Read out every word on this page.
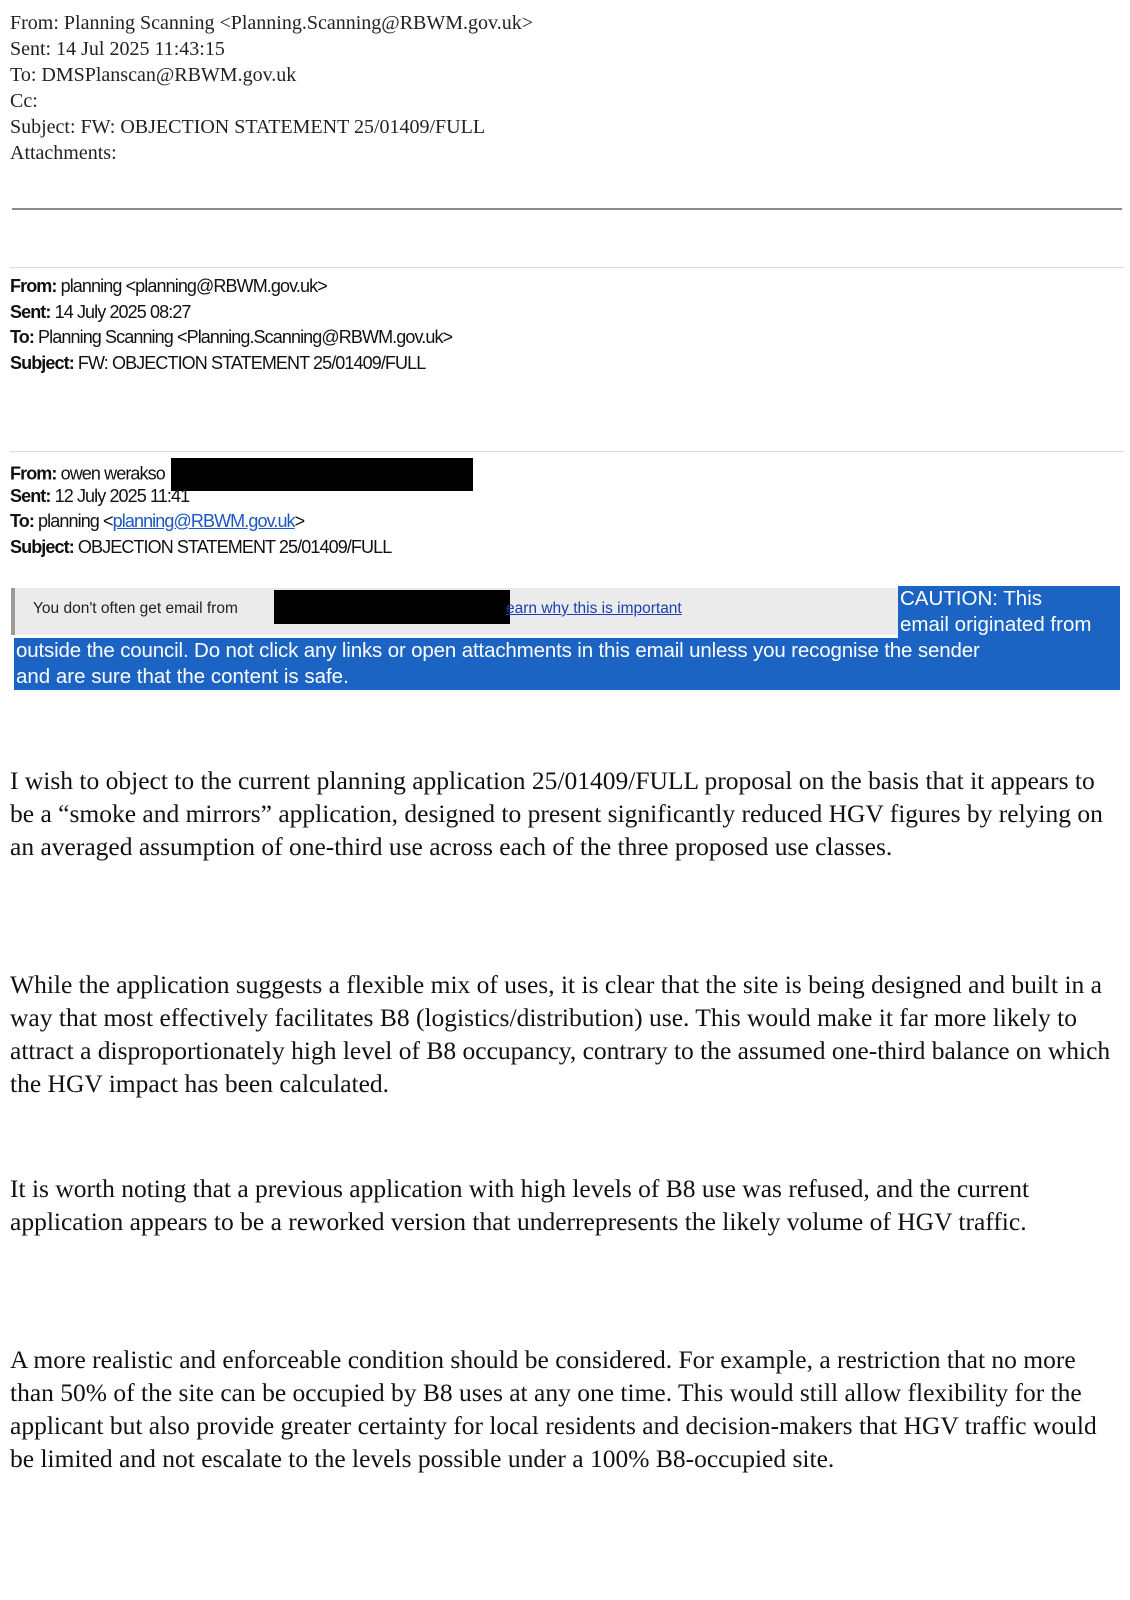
From: Planning Scanning <Planning.Scanning@RBWM.gov.uk>
Sent: 14 Jul 2025 11:43:15
To: DMSPlanscan@RBWM.gov.uk
Cc:
Subject: FW: OBJECTION STATEMENT 25/01409/FULL
Attachments:
From: planning <planning@RBWM.gov.uk>
Sent: 14 July 2025 08:27
To: Planning Scanning <Planning.Scanning@RBWM.gov.uk>
Subject: FW: OBJECTION STATEMENT 25/01409/FULL
From: owen werakso
Sent: 12 July 2025 11:41
To: planning <planning@RBWM.gov.uk>
Subject: OBJECTION STATEMENT 25/01409/FULL
You don't often get email from	earn why this is important	CAUTION: This
email originated from
outside the council. Do not click any links or open attachments in this email unless you recognise the sender
and are sure that the content is safe.
I wish to object to the current planning application 25/01409/FULL proposal on the basis that it appears to be a “smoke and mirrors” application, designed to present significantly reduced HGV figures by relying on an averaged assumption of one-third use across each of the three proposed use classes.
While the application suggests a flexible mix of uses, it is clear that the site is being designed and built in a way that most effectively facilitates B8 (logistics/distribution) use. This would make it far more likely to attract a disproportionately high level of B8 occupancy, contrary to the assumed one-third balance on which the HGV impact has been calculated.
It is worth noting that a previous application with high levels of B8 use was refused, and the current application appears to be a reworked version that underrepresents the likely volume of HGV traffic.
A more realistic and enforceable condition should be considered. For example, a restriction that no more than 50% of the site can be occupied by B8 uses at any one time. This would still allow flexibility for the applicant but also provide greater certainty for local residents and decision-makers that HGV traffic would be limited and not escalate to the levels possible under a 100% B8-occupied site.
